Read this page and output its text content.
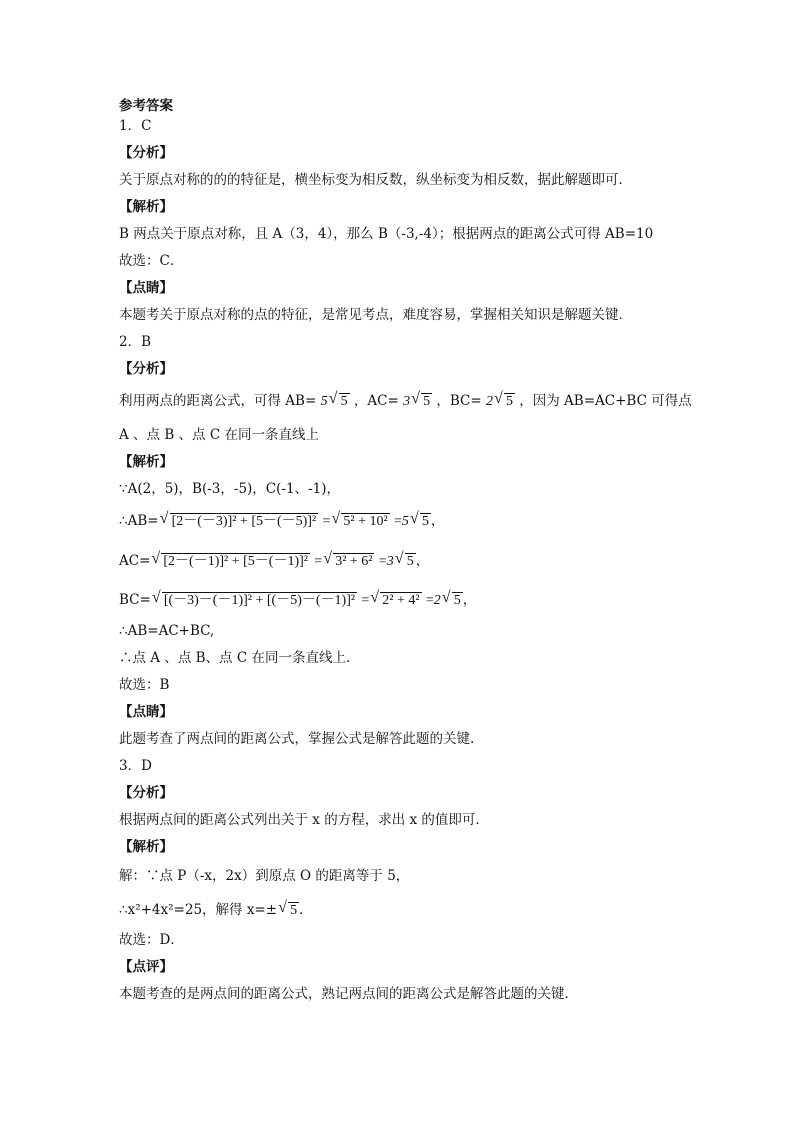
参考答案
1．C
【分析】
关于原点对称的的的特征是，横坐标变为相反数，纵坐标变为相反数，据此解题即可．
【解析】
B 两点关于原点对称，且 A（3，4），那么 B（-3,-4）；根据两点的距离公式可得 AB=10
故选：C．
【点睛】
本题考关于原点对称的点的特征，是常见考点，难度容易，掌握相关知识是解题关键．
2．B
【分析】
利用两点的距离公式，可得 AB= 5 √ 5 ，AC= 3 √ 5 ，BC= 2 √ 5 ，因为 AB=AC+BC 可得点
A 、点 B 、点 C 在同一条直线上
【解析】
∵A(2，5)，B(-3，-5)，C(-1、-1)，
∴AB= √ [2－(－3)]² + [5－(－5)]² = √ 5² + 10² =5 √ 5 ，
AC= √ [2－(－1)]² + [5－(－1)]² = √ 3² + 6² =3 √ 5 ，
BC= √ [(－3)－(－1)]² + [(－5)－(－1)]² = √ 2² + 4² =2 √ 5 ，
∴AB=AC+BC,
∴点 A 、点 B、点 C 在同一条直线上.
故选：B
【点睛】
此题考查了两点间的距离公式，掌握公式是解答此题的关键.
3．D
【分析】
根据两点间的距离公式列出关于 x 的方程，求出 x 的值即可．
【解析】
解：∵点 P（-x，2x）到原点 O 的距离等于 5，
∴x²+4x²=25，解得 x=± √ 5 ．
故选：D．
【点评】
本题考查的是两点间的距离公式，熟记两点间的距离公式是解答此题的关键．
